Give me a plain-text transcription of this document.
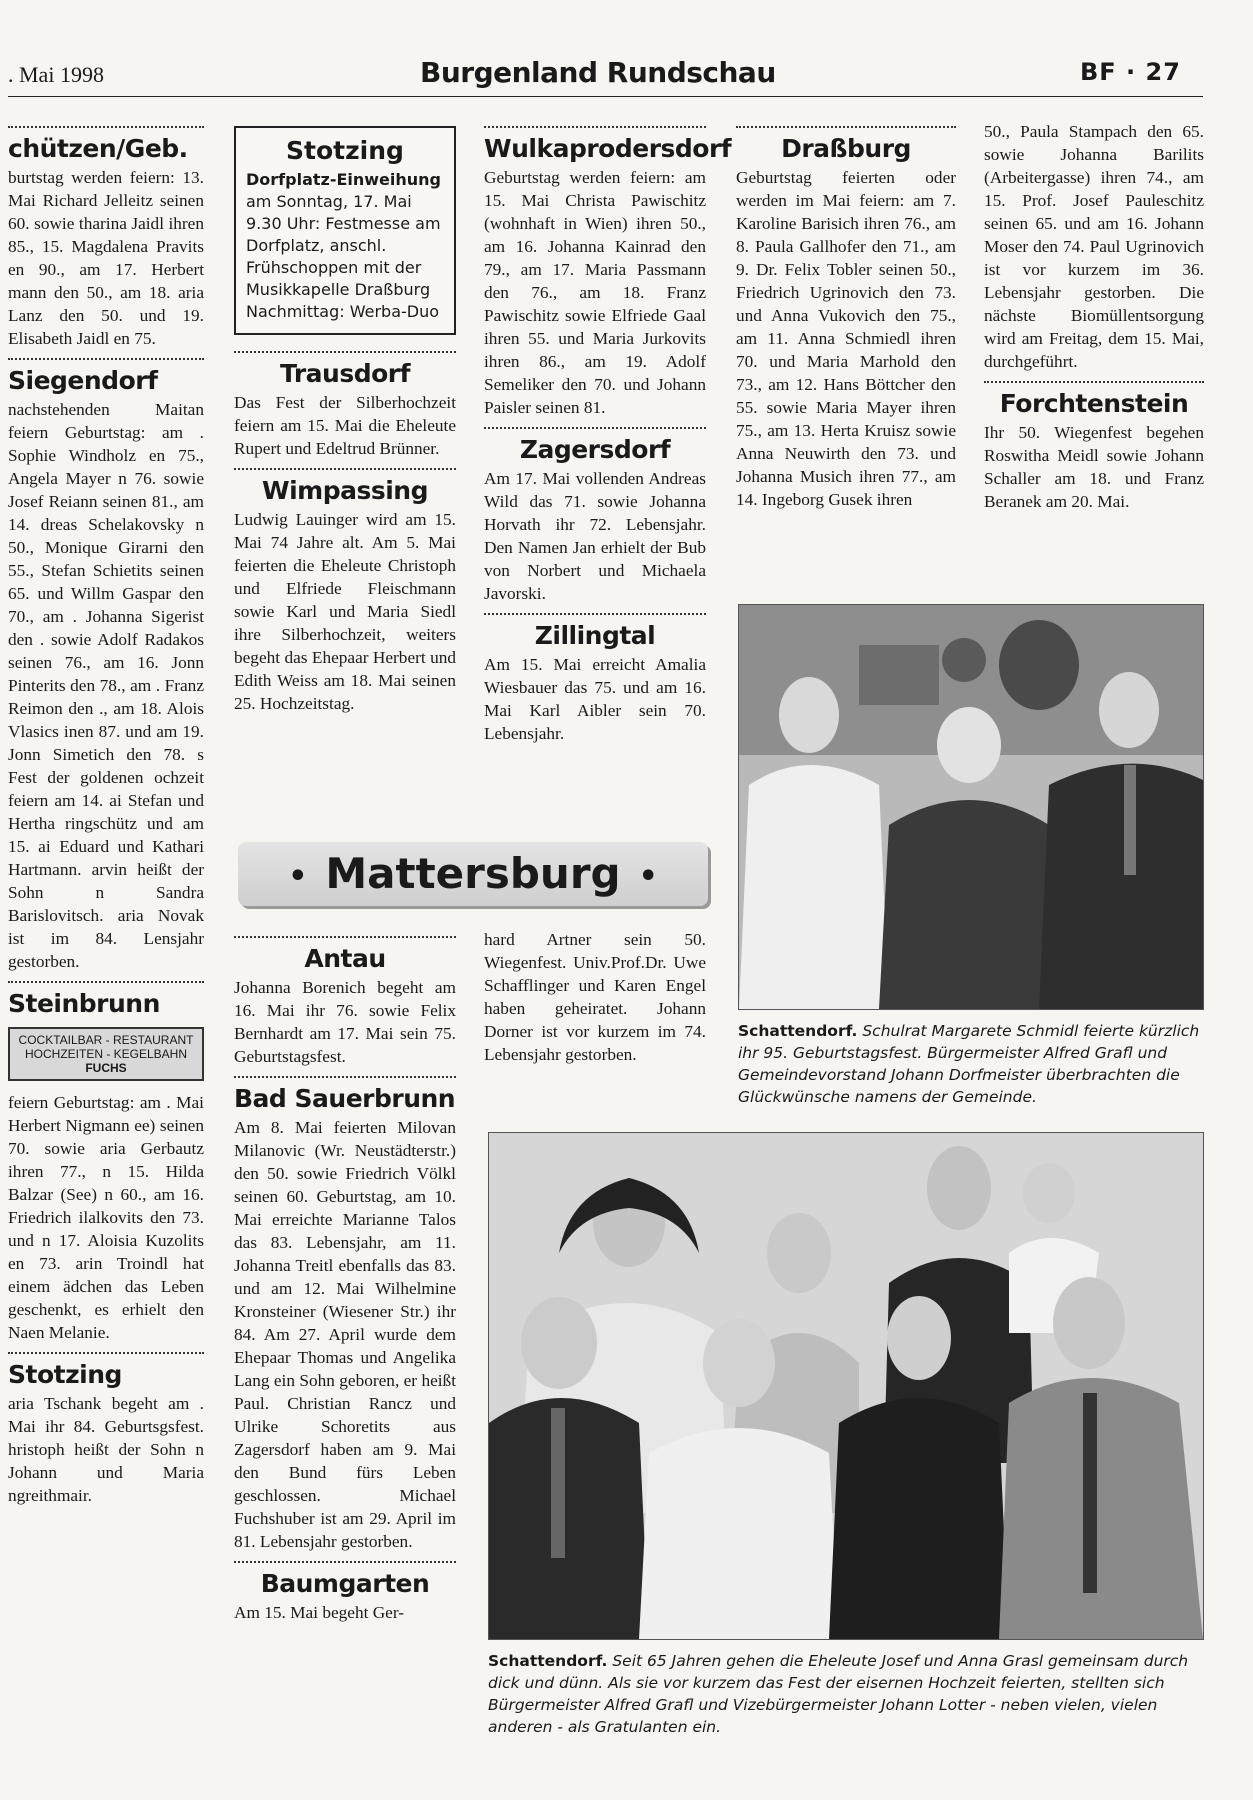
. Mai 1998	Burgenland Rundschau	BF · 27
chützen/Geb.

burtstag werden feiern: 13. Mai Richard Jelleitz seinen 60. sowie tharina Jaidl ihren 85., 15. Magdalena Pravits en 90., am 17. Herbert mann den 50., am 18. aria Lanz den 50. und 19. Elisabeth Jaidl en 75.

Siegendorf

nachstehenden Maitan feiern Geburtstag: am . Sophie Windholz en 75., Angela Mayer n 76. sowie Josef Reiann seinen 81., am 14. dreas Schelakovsky n 50., Monique Girarni den 55., Stefan Schietits seinen 65. und Willm Gaspar den 70., am . Johanna Sigerist den . sowie Adolf Radakos seinen 76., am 16. Jonn Pinterits den 78., am . Franz Reimon den ., am 18. Alois Vlasics inen 87. und am 19. Jonn Simetich den 78. s Fest der goldenen ochzeit feiern am 14. ai Stefan und Hertha ringschütz und am 15. ai Eduard und Kathari Hartmann. arvin heißt der Sohn n Sandra Barislovitsch. aria Novak ist im 84. Lensjahr gestorben.

Steinbrunn
COCKTAILBAR - RESTAURANT
HOCHZEITEN - KEGELBAHN
FUCHS

feiern Geburtstag: am . Mai Herbert Nigmann ee) seinen 70. sowie aria Gerbautz ihren 77., n 15. Hilda Balzar (See) n 60., am 16. Friedrich ilalkovits den 73. und n 17. Aloisia Kuzolits en 73. arin Troindl hat einem ädchen das Leben geschenkt, es erhielt den Naen Melanie.

Stotzing

aria Tschank begeht am . Mai ihr 84. Geburtsgsfest. hristoph heißt der Sohn n Johann und Maria ngreithmair.

Stotzing
Dorfplatz-Einweihung
am Sonntag, 17. Mai 9.30 Uhr: Festmesse am Dorfplatz, anschl. Frühschoppen mit der Musikkapelle Draßburg Nachmittag: Werba-Duo
Trausdorf

Das Fest der Silberhochzeit feiern am 15. Mai die Eheleute Rupert und Edeltrud Brünner.

Wimpassing

Ludwig Lauinger wird am 15. Mai 74 Jahre alt. Am 5. Mai feierten die Eheleute Christoph und Elfriede Fleischmann sowie Karl und Maria Siedl ihre Silberhochzeit, weiters begeht das Ehepaar Herbert und Edith Weiss am 18. Mai seinen 25. Hochzeitstag.

Wulkaprodersdorf

Geburtstag werden feiern: am 15. Mai Christa Pawischitz (wohnhaft in Wien) ihren 50., am 16. Johanna Kainrad den 79., am 17. Maria Passmann den 76., am 18. Franz Pawischitz sowie Elfriede Gaal ihren 55. und Maria Jurkovits ihren 86., am 19. Adolf Semeliker den 70. und Johann Paisler seinen 81.

Zagersdorf

Am 17. Mai vollenden Andreas Wild das 71. sowie Johanna Horvath ihr 72. Lebensjahr. Den Namen Jan erhielt der Bub von Norbert und Michaela Javorski.

Zillingtal

Am 15. Mai erreicht Amalia Wiesbauer das 75. und am 16. Mai Karl Aibler sein 70. Lebensjahr.

Draßburg

Geburtstag feierten oder werden im Mai feiern: am 7. Karoline Barisich ihren 76., am 8. Paula Gallhofer den 71., am 9. Dr. Felix Tobler seinen 50., Friedrich Ugrinovich den 73. und Anna Vukovich den 75., am 11. Anna Schmiedl ihren 70. und Maria Marhold den 73., am 12. Hans Böttcher den 55. sowie Maria Mayer ihren 75., am 13. Herta Kruisz sowie Anna Neuwirth den 73. und Johanna Musich ihren 77., am 14. Ingeborg Gusek ihren

50., Paula Stampach den 65. sowie Johanna Barilits (Arbeitergasse) ihren 74., am 15. Prof. Josef Pauleschitz seinen 65. und am 16. Johann Moser den 74. Paul Ugrinovich ist vor kurzem im 36. Lebensjahr gestorben. Die nächste Biomüllentsorgung wird am Freitag, dem 15. Mai, durchgeführt.

Forchtenstein

Ihr 50. Wiegenfest begehen Roswitha Meidl sowie Johann Schaller am 18. und Franz Beranek am 20. Mai.

Schattendorf. Schulrat Margarete Schmidl feierte kürzlich ihr 95. Geburtstagsfest. Bürgermeister Alfred Grafl und Gemeindevorstand Johann Dorfmeister überbrachten die Glückwünsche namens der Gemeinde.
• Mattersburg •
Antau

Johanna Borenich begeht am 16. Mai ihr 76. sowie Felix Bernhardt am 17. Mai sein 75. Geburtstagsfest.

Bad Sauerbrunn

Am 8. Mai feierten Milovan Milanovic (Wr. Neustädterstr.) den 50. sowie Friedrich Völkl seinen 60. Geburtstag, am 10. Mai erreichte Marianne Talos das 83. Lebensjahr, am 11. Johanna Treitl ebenfalls das 83. und am 12. Mai Wilhelmine Kronsteiner (Wiesener Str.) ihr 84. Am 27. April wurde dem Ehepaar Thomas und Angelika Lang ein Sohn geboren, er heißt Paul. Christian Rancz und Ulrike Schoretits aus Zagersdorf haben am 9. Mai den Bund fürs Leben geschlossen. Michael Fuchshuber ist am 29. April im 81. Lebensjahr gestorben.

Baumgarten

Am 15. Mai begeht Ger-

hard Artner sein 50. Wiegenfest. Univ.Prof.Dr. Uwe Schafflinger und Karen Engel haben geheiratet. Johann Dorner ist vor kurzem im 74. Lebensjahr gestorben.

Schattendorf. Seit 65 Jahren gehen die Eheleute Josef und Anna Grasl gemeinsam durch dick und dünn. Als sie vor kurzem das Fest der eisernen Hochzeit feierten, stellten sich Bürgermeister Alfred Grafl und Vizebürgermeister Johann Lotter - neben vielen, vielen anderen - als Gratulanten ein.
